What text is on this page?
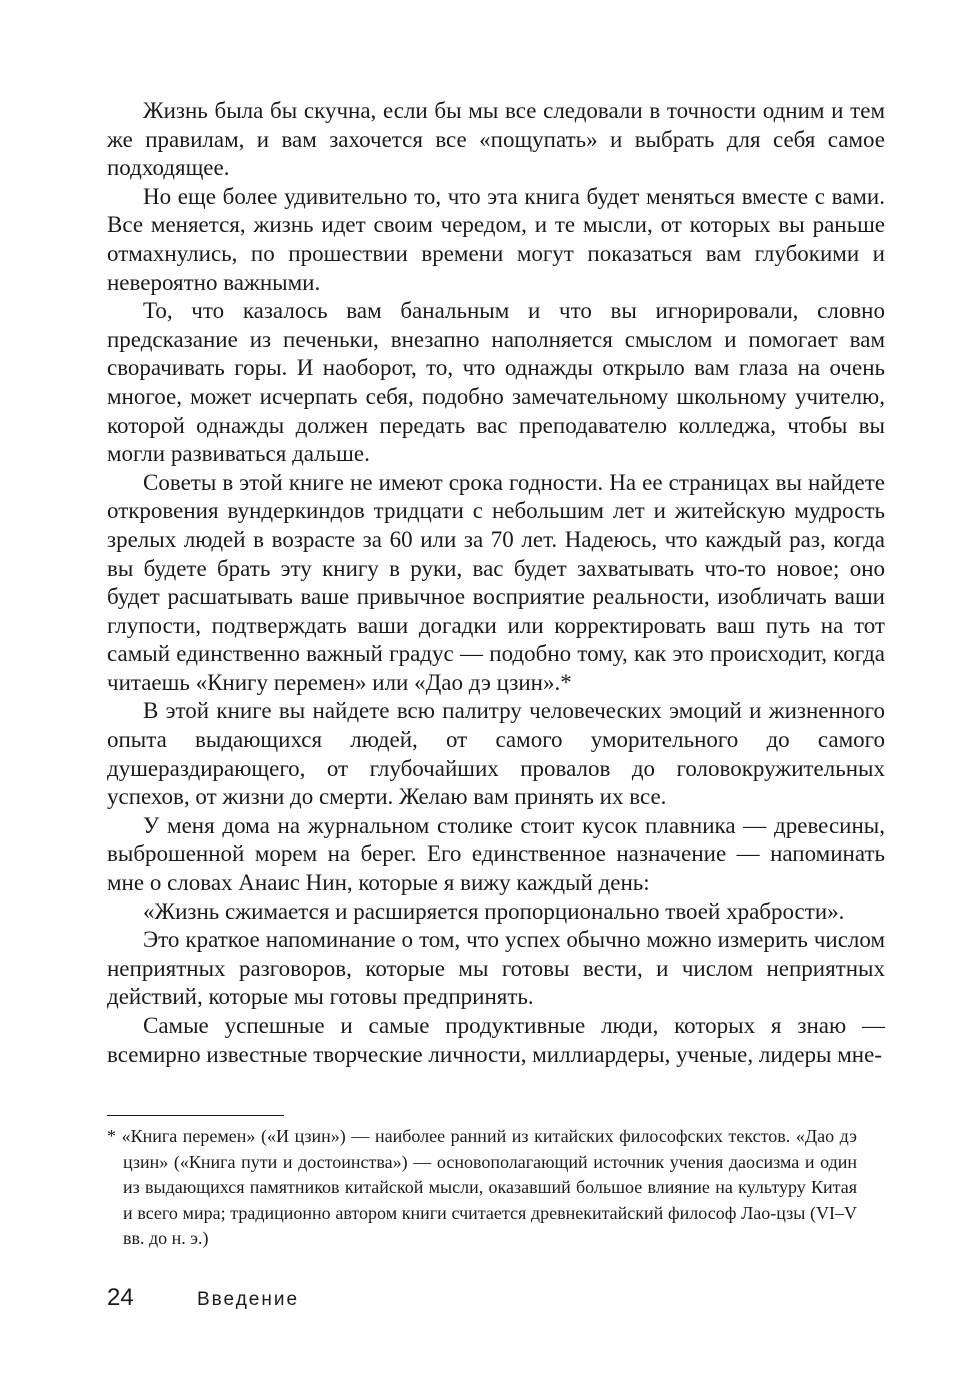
Жизнь была бы скучна, если бы мы все следовали в точности одним и тем же правилам, и вам захочется все «пощупать» и выбрать для себя самое подходящее.

Но еще более удивительно то, что эта книга будет меняться вместе с вами. Все меняется, жизнь идет своим чередом, и те мысли, от которых вы раньше отмахнулись, по прошествии времени могут показаться вам глубокими и невероятно важными.

То, что казалось вам банальным и что вы игнорировали, словно предсказание из печеньки, внезапно наполняется смыслом и помогает вам сворачивать горы. И наоборот, то, что однажды открыло вам глаза на очень многое, может исчерпать себя, подобно замечательному школьному учителю, которой однажды должен передать вас преподавателю колледжа, чтобы вы могли развиваться дальше.

Советы в этой книге не имеют срока годности. На ее страницах вы найдете откровения вундеркиндов тридцати с небольшим лет и житейскую мудрость зрелых людей в возрасте за 60 или за 70 лет. Надеюсь, что каждый раз, когда вы будете брать эту книгу в руки, вас будет захватывать что-то новое; оно будет расшатывать ваше привычное восприятие реальности, изобличать ваши глупости, подтверждать ваши догадки или корректировать ваш путь на тот самый единственно важный градус — подобно тому, как это происходит, когда читаешь «Книгу перемен» или «Дао дэ цзин».*

В этой книге вы найдете всю палитру человеческих эмоций и жизненного опыта выдающихся людей, от самого уморительного до самого душераздирающего, от глубочайших провалов до головокружительных успехов, от жизни до смерти. Желаю вам принять их все.

У меня дома на журнальном столике стоит кусок плавника — древесины, выброшенной морем на берег. Его единственное назначение — напоминать мне о словах Анаис Нин, которые я вижу каждый день:

«Жизнь сжимается и расширяется пропорционально твоей храбрости».

Это краткое напоминание о том, что успех обычно можно измерить числом неприятных разговоров, которые мы готовы вести, и числом неприятных действий, которые мы готовы предпринять.

Самые успешные и самые продуктивные люди, которых я знаю — всемирно известные творческие личности, миллиардеры, ученые, лидеры мне-

* «Книга перемен» («И цзин») — наиболее ранний из китайских философских текстов. «Дао дэ цзин» («Книга пути и достоинства») — основополагающий источник учения даосизма и один из выдающихся памятников китайской мысли, оказавший большое влияние на культуру Китая и всего мира; традиционно автором книги считается древнекитайский философ Лао-цзы (VI–V вв. до н. э.)

24	Введение
